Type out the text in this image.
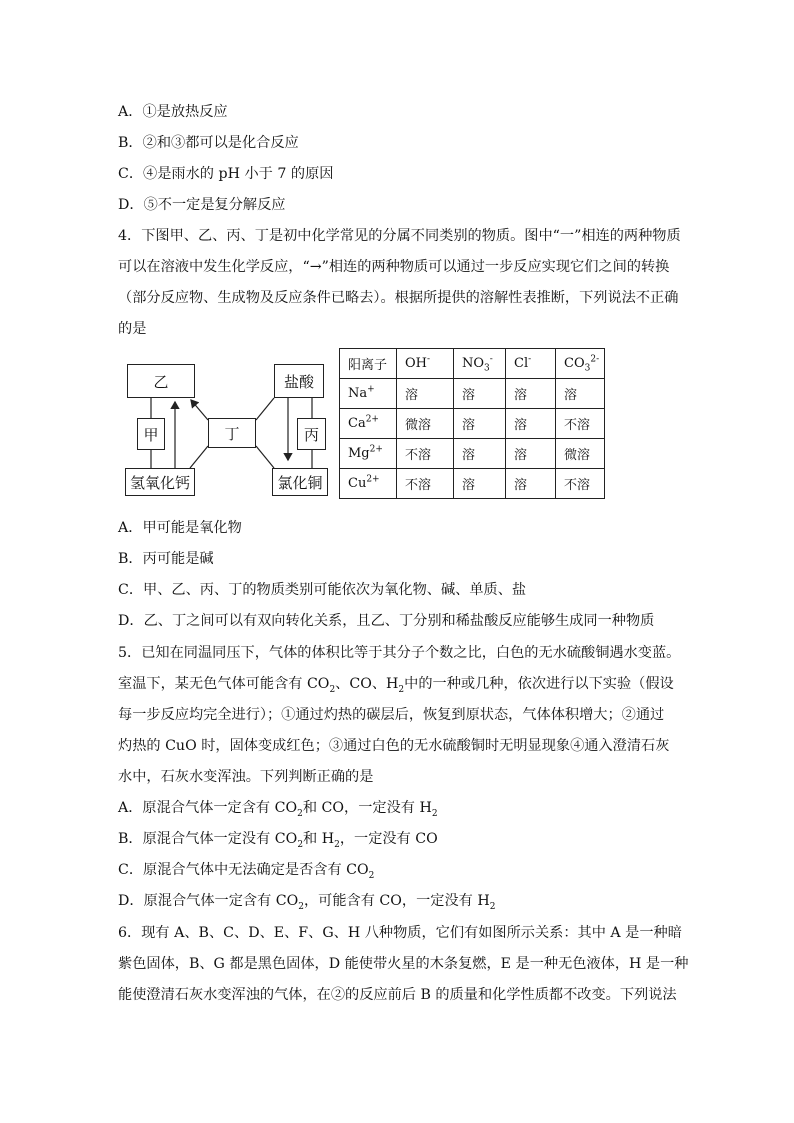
A．①是放热反应
B．②和③都可以是化合反应
C．④是雨水的 pH 小于 7 的原因
D．⑤不一定是复分解反应
4．下图甲、乙、丙、丁是初中化学常见的分属不同类别的物质。图中“一”相连的两种物质
可以在溶液中发生化学反应，“→”相连的两种物质可以通过一步反应实现它们之间的转换
（部分反应物、生成物及反应条件已略去）。根据所提供的溶解性表推断，下列说法不正确
的是
乙
甲	丁
盐酸
丙
氢氧化钙	氯化铜
阳离子	OH-	$NO_3^-$	Cl-	$CO_3^{2-}$
Na+	溶	溶	溶	溶
$Ca^{2+}$	微溶	溶	溶	不溶
$Mg^{2+}$	不溶	溶	溶	微溶
$Cu^{2+}$	不溶	溶	溶	不溶
A．甲可能是氧化物
B．丙可能是碱
C．甲、乙、丙、丁的物质类别可能依次为氧化物、碱、单质、盐
D．乙、丁之间可以有双向转化关系，且乙、丁分别和稀盐酸反应能够生成同一种物质
5．已知在同温同压下，气体的体积比等于其分子个数之比，白色的无水硫酸铜遇水变蓝。
室温下，某无色气体可能含有 $CO_2$、CO、$H_2$中的一种或几种，依次进行以下实验（假设
每一步反应均完全进行）；①通过灼热的碳层后，恢复到原状态，气体体积增大；②通过
灼热的 CuO 时，固体变成红色；③通过白色的无水硫酸铜时无明显现象④通入澄清石灰
水中，石灰水变浑浊。下列判断正确的是
A．原混合气体一定含有 $CO_2$和 CO，一定没有 $H_2$
B．原混合气体一定没有 $CO_2$和 $H_2$，一定没有 CO
C．原混合气体中无法确定是否含有 $CO_2$
D．原混合气体一定含有 $CO_2$，可能含有 CO，一定没有 $H_2$
6．现有 A、B、C、D、E、F、G、H 八种物质，它们有如图所示关系：其中 A 是一种暗
紫色固体，B、G 都是黑色固体，D 能使带火星的木条复燃，E 是一种无色液体，H 是一种
能使澄清石灰水变浑浊的气体，在②的反应前后 B 的质量和化学性质都不改变。下列说法
